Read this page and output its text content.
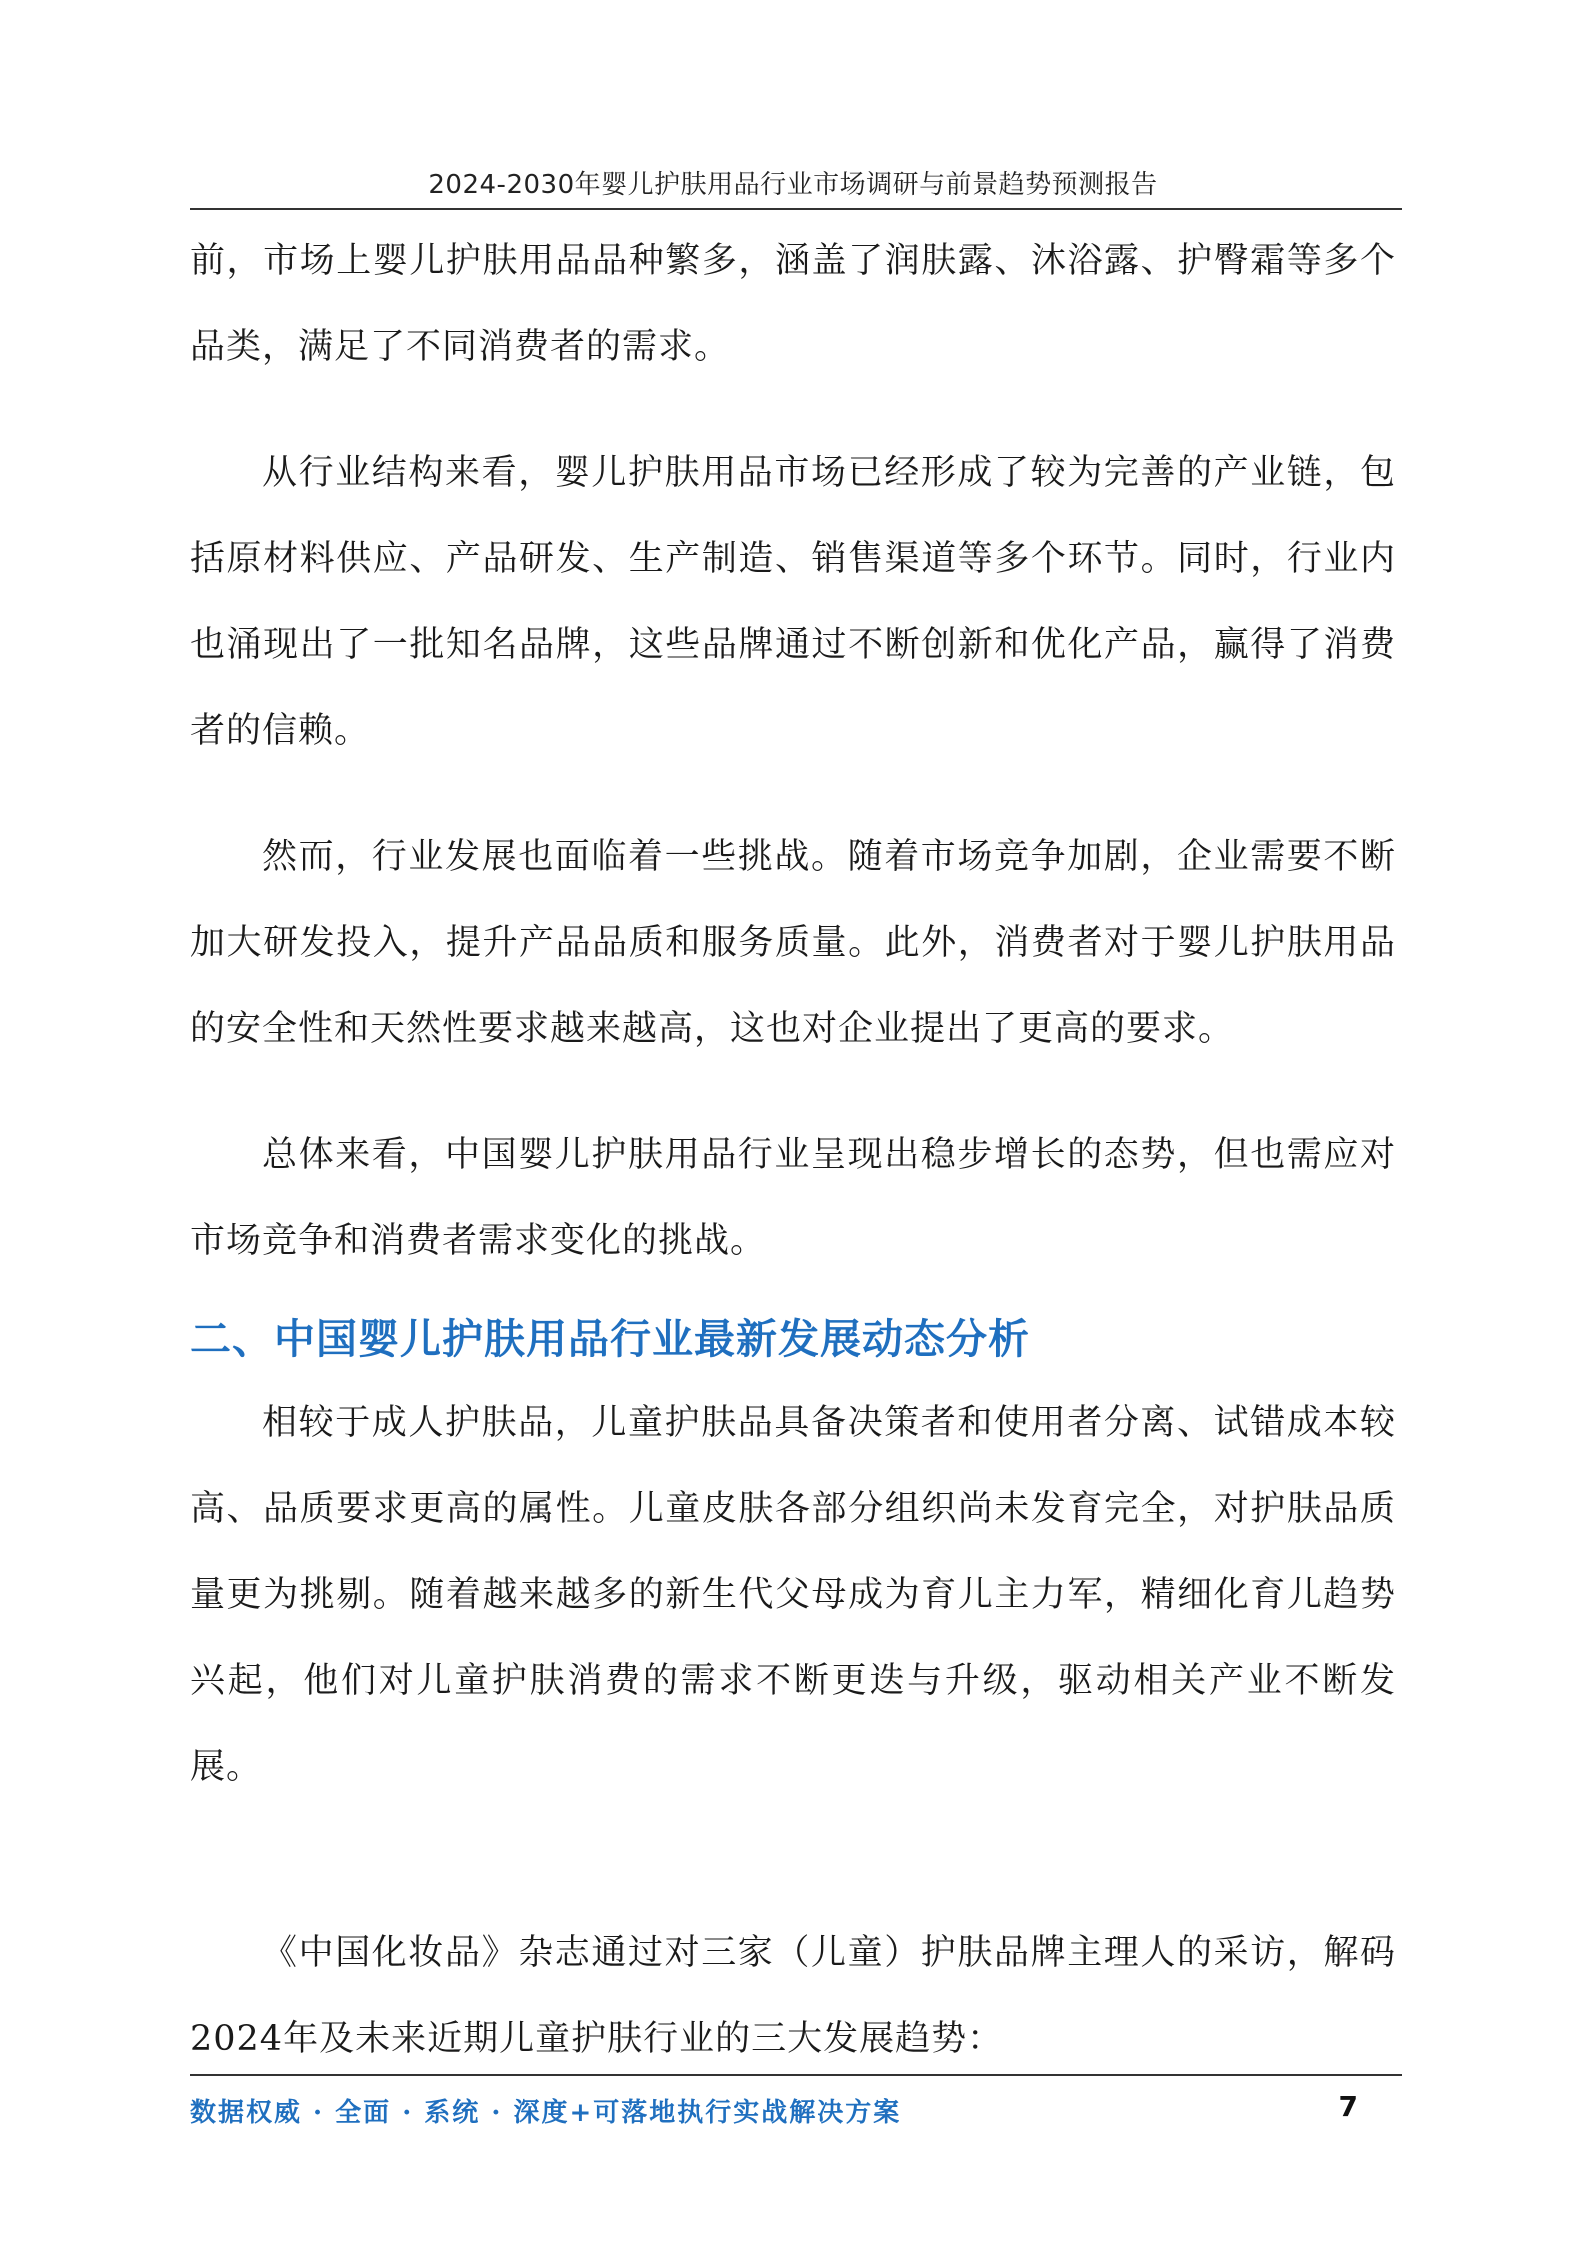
2024-2030年婴儿护肤用品行业市场调研与前景趋势预测报告

前，市场上婴儿护肤用品品种繁多，涵盖了润肤露、沐浴露、护臀霜等多个品类，满足了不同消费者的需求。

从行业结构来看，婴儿护肤用品市场已经形成了较为完善的产业链，包括原材料供应、产品研发、生产制造、销售渠道等多个环节。同时，行业内也涌现出了一批知名品牌，这些品牌通过不断创新和优化产品，赢得了消费者的信赖。

然而，行业发展也面临着一些挑战。随着市场竞争加剧，企业需要不断加大研发投入，提升产品品质和服务质量。此外，消费者对于婴儿护肤用品的安全性和天然性要求越来越高，这也对企业提出了更高的要求。

总体来看，中国婴儿护肤用品行业呈现出稳步增长的态势，但也需应对市场竞争和消费者需求变化的挑战。

二、中国婴儿护肤用品行业最新发展动态分析

相较于成人护肤品，儿童护肤品具备决策者和使用者分离、试错成本较高、品质要求更高的属性。儿童皮肤各部分组织尚未发育完全，对护肤品质量更为挑剔。随着越来越多的新生代父母成为育儿主力军，精细化育儿趋势兴起，他们对儿童护肤消费的需求不断更迭与升级，驱动相关产业不断发展。

《中国化妆品》杂志通过对三家（儿童）护肤品牌主理人的采访，解码2024年及未来近期儿童护肤行业的三大发展趋势：

数据权威 · 全面 · 系统 · 深度+可落地执行实战解决方案	7
